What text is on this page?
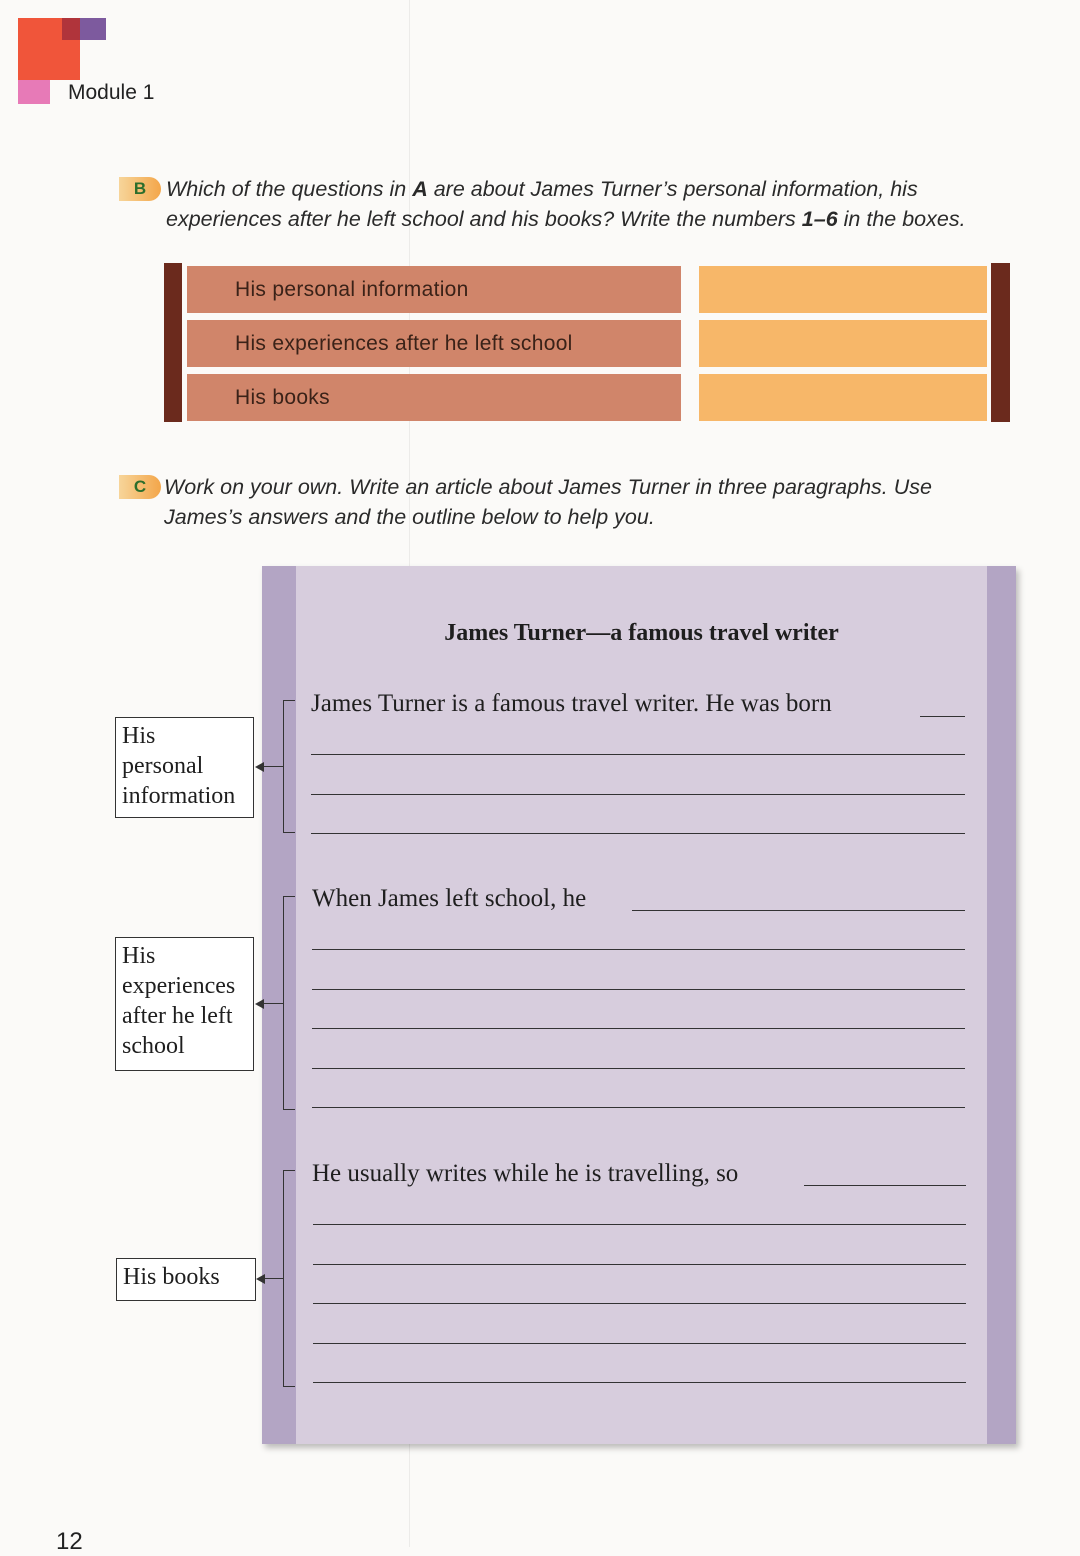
Module 1
B Which of the questions in A are about James Turner’s personal information, his
experiences after he left school and his books? Write the numbers 1–6 in the boxes.
His personal information
His experiences after he left school
His books
C Work on your own. Write an article about James Turner in three paragraphs. Use
James’s answers and the outline below to help you.
James Turner—a famous travel writer
James Turner is a famous travel writer. He was born
When James left school, he
He usually writes while he is travelling, so
His
personal
information
His
experiences
after he left
school
His books
12
